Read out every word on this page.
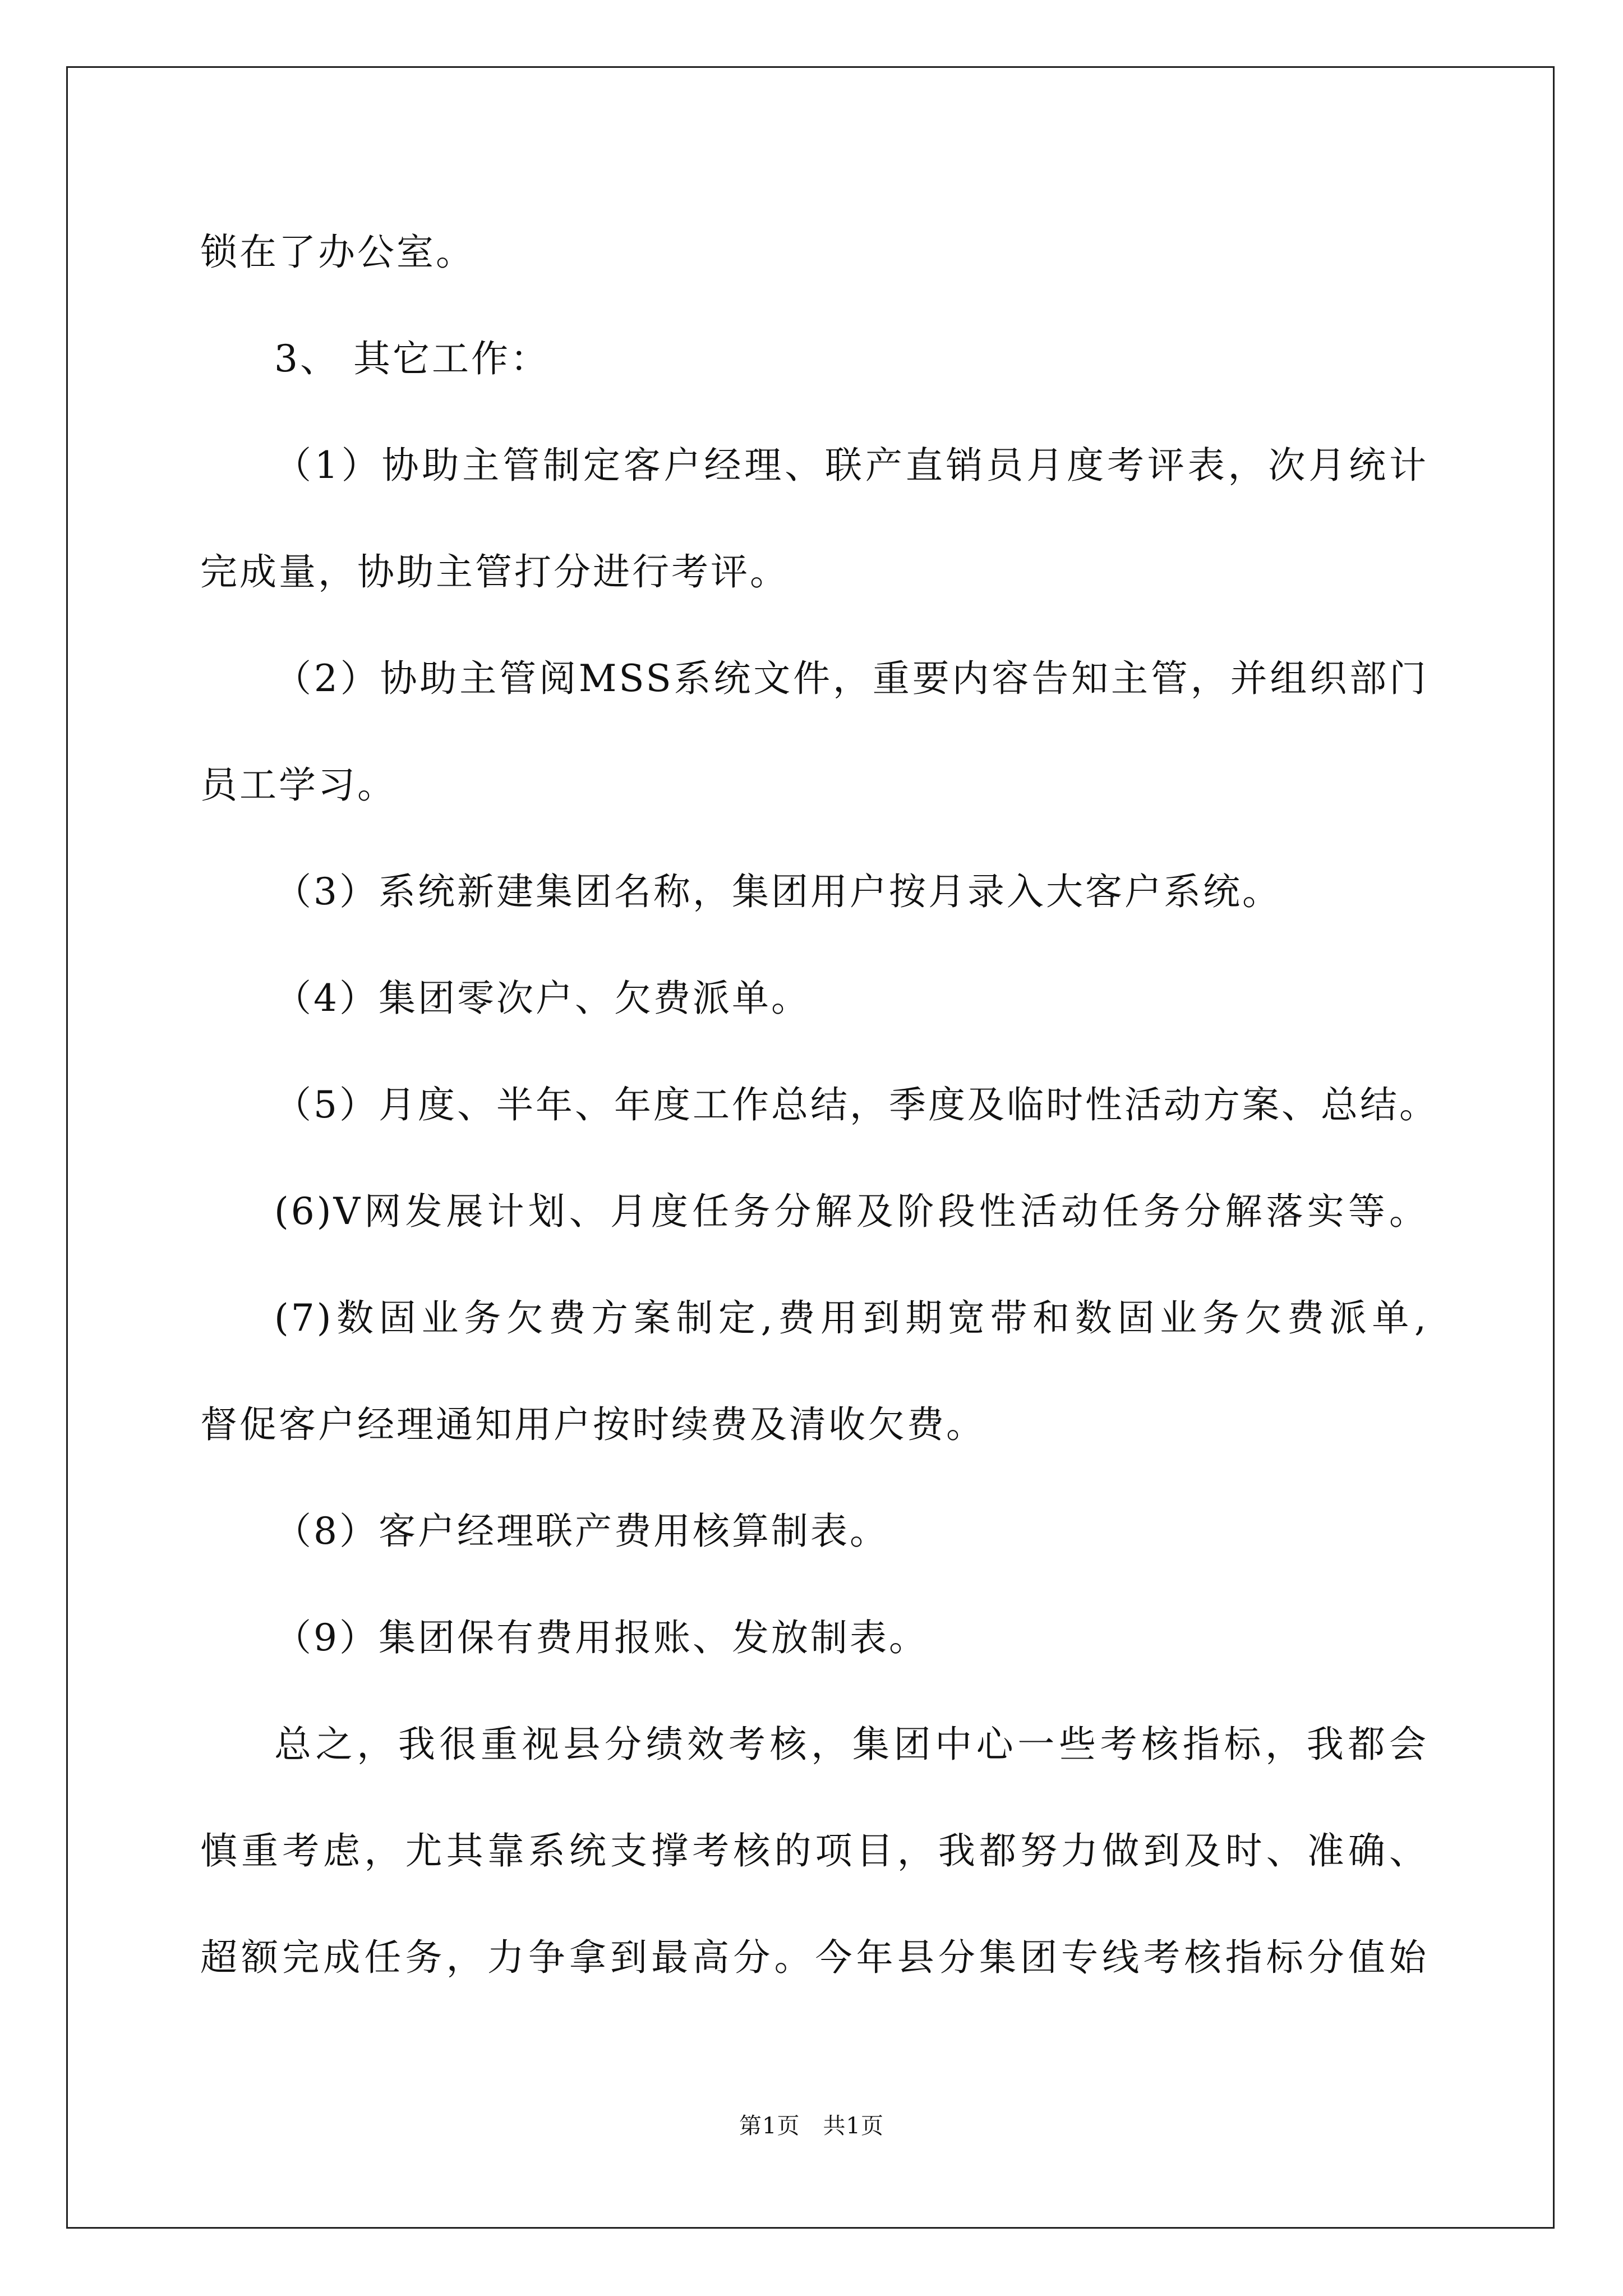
锁在了办公室。
3、 其它工作：
（1）协助主管制定客户经理、联产直销员月度考评表，次月统计
完成量，协助主管打分进行考评。
（2）协助主管阅MSS系统文件，重要内容告知主管，并组织部门
员工学习。
（3）系统新建集团名称，集团用户按月录入大客户系统。
（4）集团零次户、欠费派单。
（5）月度、半年、年度工作总结，季度及临时性活动方案、总结。
(6)V网发展计划、月度任务分解及阶段性活动任务分解落实等。
(7)数固业务欠费方案制定,费用到期宽带和数固业务欠费派单,
督促客户经理通知用户按时续费及清收欠费。
（8）客户经理联产费用核算制表。
（9）集团保有费用报账、发放制表。
总之，我很重视县分绩效考核，集团中心一些考核指标，我都会
慎重考虑，尤其靠系统支撑考核的项目，我都努力做到及时、准确、
超额完成任务，力争拿到最高分。今年县分集团专线考核指标分值始
第1页　共1页
